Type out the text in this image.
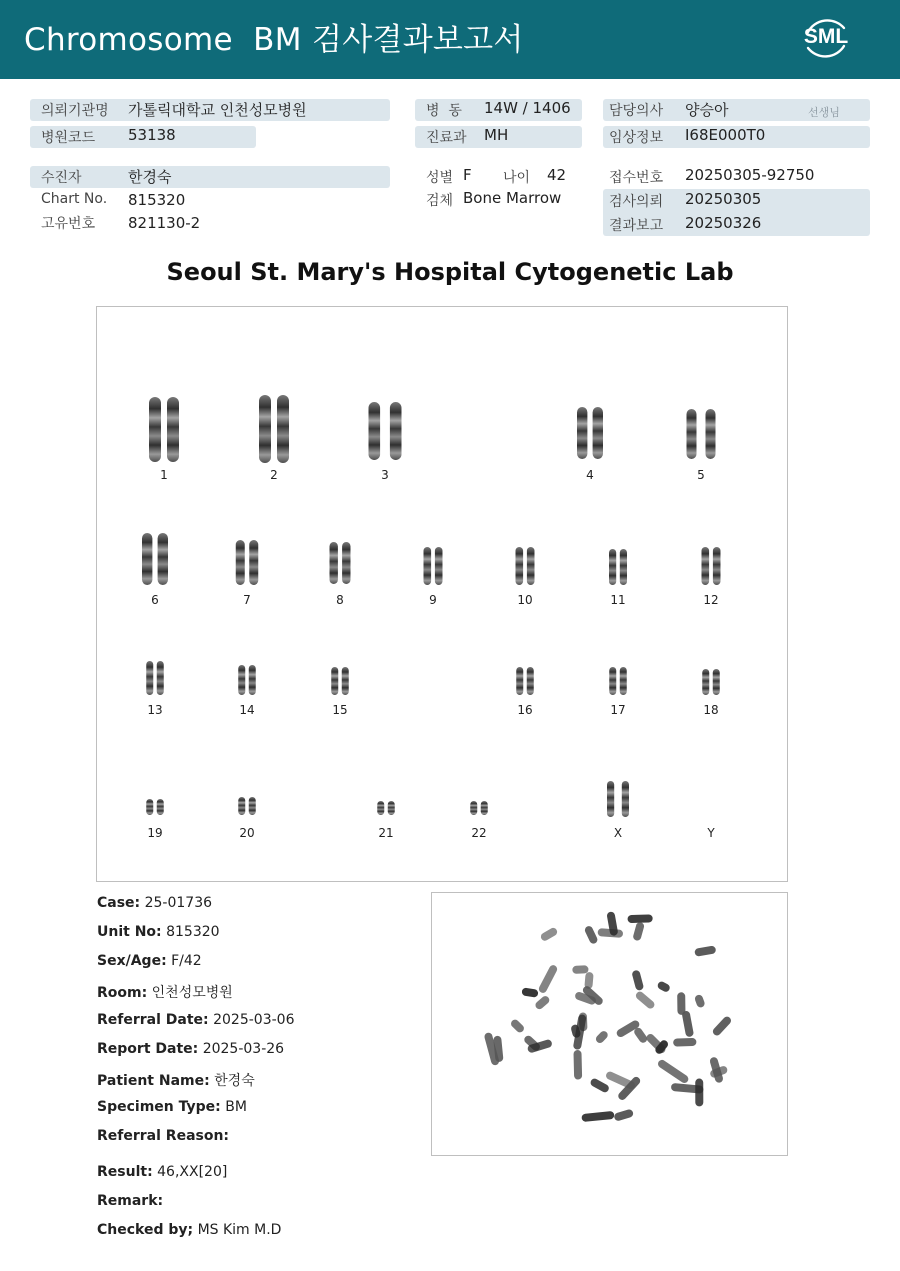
Chromosome  BM 검사결과보고서	SML
의뢰기관명 가톨릭대학교 인천성모병원
병원코드 53138
수진자	한경숙
Chart No. 815320
고유번호 821130-2
병  동 14W / 1406
진료과 MH
성별 F 나이 42
검체 Bone Marrow
담당의사 양승아	선생님
임상정보 I68E000T0
접수번호 20250305-92750
검사의뢰 20250305
결과보고 20250326
Seoul St. Mary's Hospital Cytogenetic Lab
1	2	3	4	5
6	7	8	9	10	11	12
13	14	15	16	17	18
19	20	21	22	X	Y
Case: 25-01736
Unit No: 815320
Sex/Age: F/42
Room: 인천성모병원
Referral Date: 2025-03-06
Report Date: 2025-03-26
Patient Name: 한경숙
Specimen Type: BM
Referral Reason:
Result: 46,XX[20]
Remark:
Checked by; MS Kim M.D
